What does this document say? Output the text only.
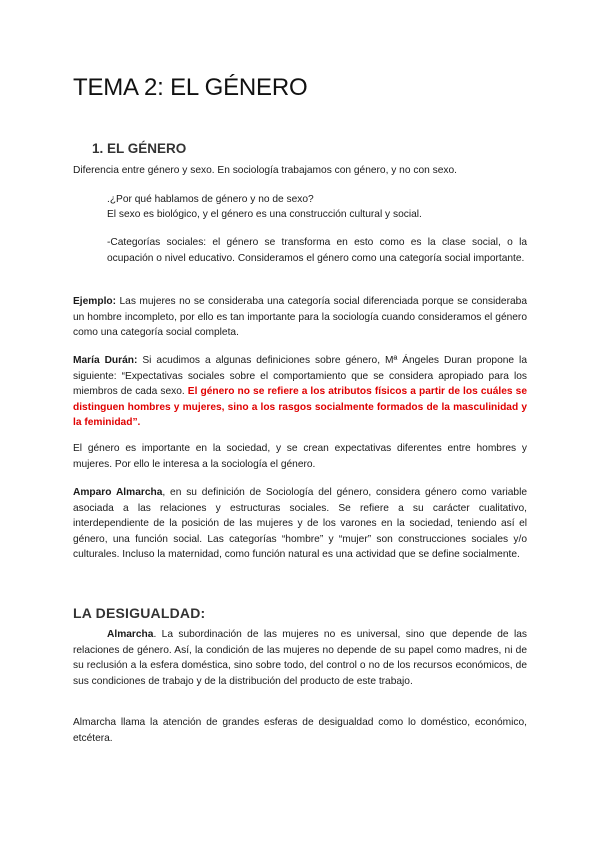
TEMA 2: EL GÉNERO
1. EL GÉNERO

Diferencia entre género y sexo. En sociología trabajamos con género, y no con sexo.

.¿Por qué hablamos de género y no de sexo?

El sexo es biológico, y el género es una construcción cultural y social.

-Categorías sociales: el género se transforma en esto como es la clase social, o la ocupación o nivel educativo. Consideramos el género como una categoría social importante.

Ejemplo: Las mujeres no se consideraba una categoría social diferenciada porque se consideraba un hombre incompleto, por ello es tan importante para la sociología cuando consideramos el género como una categoría social completa.

María Durán: Si acudimos a algunas definiciones sobre género, Mª Ángeles Duran propone la siguiente: “Expectativas sociales sobre el comportamiento que se considera apropiado para los miembros de cada sexo. El género no se refiere a los atributos físicos a partir de los cuáles se distinguen hombres y mujeres, sino a los rasgos socialmente formados de la masculinidad y la feminidad”.

El género es importante en la sociedad, y se crean expectativas diferentes entre hombres y mujeres. Por ello le interesa a la sociología el género.

Amparo Almarcha, en su definición de Sociología del género, considera género como variable asociada a las relaciones y estructuras sociales. Se refiere a su carácter cualitativo, interdependiente de la posición de las mujeres y de los varones en la sociedad, teniendo así el género, una función social. Las categorías “hombre” y “mujer” son construcciones sociales y/o culturales. Incluso la maternidad, como función natural es una actividad que se define socialmente.

LA DESIGUALDAD:

Almarcha. La subordinación de las mujeres no es universal, sino que depende de las relaciones de género. Así, la condición de las mujeres no depende de su papel como madres, ni de su reclusión a la esfera doméstica, sino sobre todo, del control o no de los recursos económicos, de sus condiciones de trabajo y de la distribución del producto de este trabajo.

Almarcha llama la atención de grandes esferas de desigualdad como lo doméstico, económico, etcétera.
